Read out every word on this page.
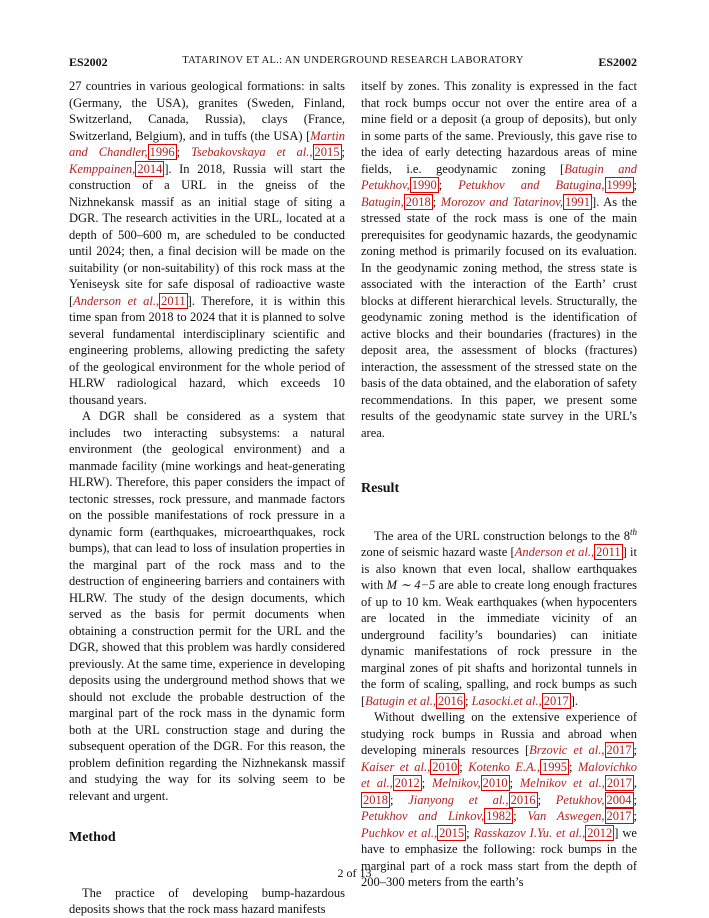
ES2002	TATARINOV ET AL.: AN UNDERGROUND RESEARCH LABORATORY	ES2002

27 countries in various geological formations: in salts (Germany, the USA), granites (Sweden, Finland, Switzerland, Canada, Russia), clays (France, Switzerland, Belgium), and in tuffs (the USA) [Martin and Chandler, 1996 ; Tsebakovskaya et al., 2015 ; Kemppainen, 2014 ]. In 2018, Russia will start the construction of a URL in the gneiss of the Nizhnekansk massif as an initial stage of siting a DGR. The research activities in the URL, located at a depth of 500–600 m, are scheduled to be conducted until 2024; then, a final decision will be made on the suitability (or non-suitability) of this rock mass at the Yeniseysk site for safe disposal of radioactive waste [Anderson et al., 2011 ]. Therefore, it is within this time span from 2018 to 2024 that it is planned to solve several fundamental interdisciplinary scientific and engineering problems, allowing predicting the safety of the geological environment for the whole period of HLRW radiological hazard, which exceeds 10 thousand years.

A DGR shall be considered as a system that includes two interacting subsystems: a natural environment (the geological environment) and a manmade facility (mine workings and heat-generating HLRW). Therefore, this paper considers the impact of tectonic stresses, rock pressure, and manmade factors on the possible manifestations of rock pressure in a dynamic form (earthquakes, microearthquakes, rock bumps), that can lead to loss of insulation properties in the marginal part of the rock mass and to the destruction of engineering barriers and containers with HLRW. The study of the design documents, which served as the basis for permit documents when obtaining a construction permit for the URL and the DGR, showed that this problem was hardly considered previously. At the same time, experience in developing deposits using the underground method shows that we should not exclude the probable destruction of the marginal part of the rock mass in the dynamic form both at the URL construction stage and during the subsequent operation of the DGR. For this reason, the problem definition regarding the Nizhnekansk massif and studying the way for its solving seem to be relevant and urgent.

Method

The practice of developing bump-hazardous deposits shows that the rock mass hazard manifests

itself by zones. This zonality is expressed in the fact that rock bumps occur not over the entire area of a mine field or a deposit (a group of deposits), but only in some parts of the same. Previously, this gave rise to the idea of early detecting hazardous areas of mine fields, i.e. geodynamic zoning [Batugin and Petukhov, 1990 ; Petukhov and Batugina, 1999 ; Batugin, 2018 ; Morozov and Tatarinov, 1991 ]. As the stressed state of the rock mass is one of the main prerequisites for geodynamic hazards, the geodynamic zoning method is primarily focused on its evaluation. In the geodynamic zoning method, the stress state is associated with the interaction of the Earth’ crust blocks at different hierarchical levels. Structurally, the geodynamic zoning method is the identification of active blocks and their boundaries (fractures) in the deposit area, the assessment of blocks (fractures) interaction, the assessment of the stressed state on the basis of the data obtained, and the elaboration of safety recommendations. In this paper, we present some results of the geodynamic state survey in the URL’s area.

Result

The area of the URL construction belongs to the 8th zone of seismic hazard waste [Anderson et al., 2011 ] it is also known that even local, shallow earthquakes with M ∼ 4−5 are able to create long enough fractures of up to 10 km. Weak earthquakes (when hypocenters are located in the immediate vicinity of an underground facility’s boundaries) can initiate dynamic manifestations of rock pressure in the marginal zones of pit shafts and horizontal tunnels in the form of scaling, spalling, and rock bumps as such [Batugin et al., 2016 ; Lasocki.et al., 2017 ].

Without dwelling on the extensive experience of studying rock bumps in Russia and abroad when developing minerals resources [Brzovic et al., 2017 ; Kaiser et al., 2010 ; Kotenko E.A., 1995 ; Malovichko et al., 2012 ; Melnikov, 2010 ; Melnikov et al., 2017 , 2018 ; Jianyong et al., 2016 ; Petukhov, 2004 ; Petukhov and Linkov, 1982 ; Van Aswegen, 2017 ; Puchkov et al., 2015 ; Rasskazov I.Yu. et al., 2012 ] we have to emphasize the following: rock bumps in the marginal part of a rock mass start from the depth of 200–300 meters from the earth’s

2 of 13
